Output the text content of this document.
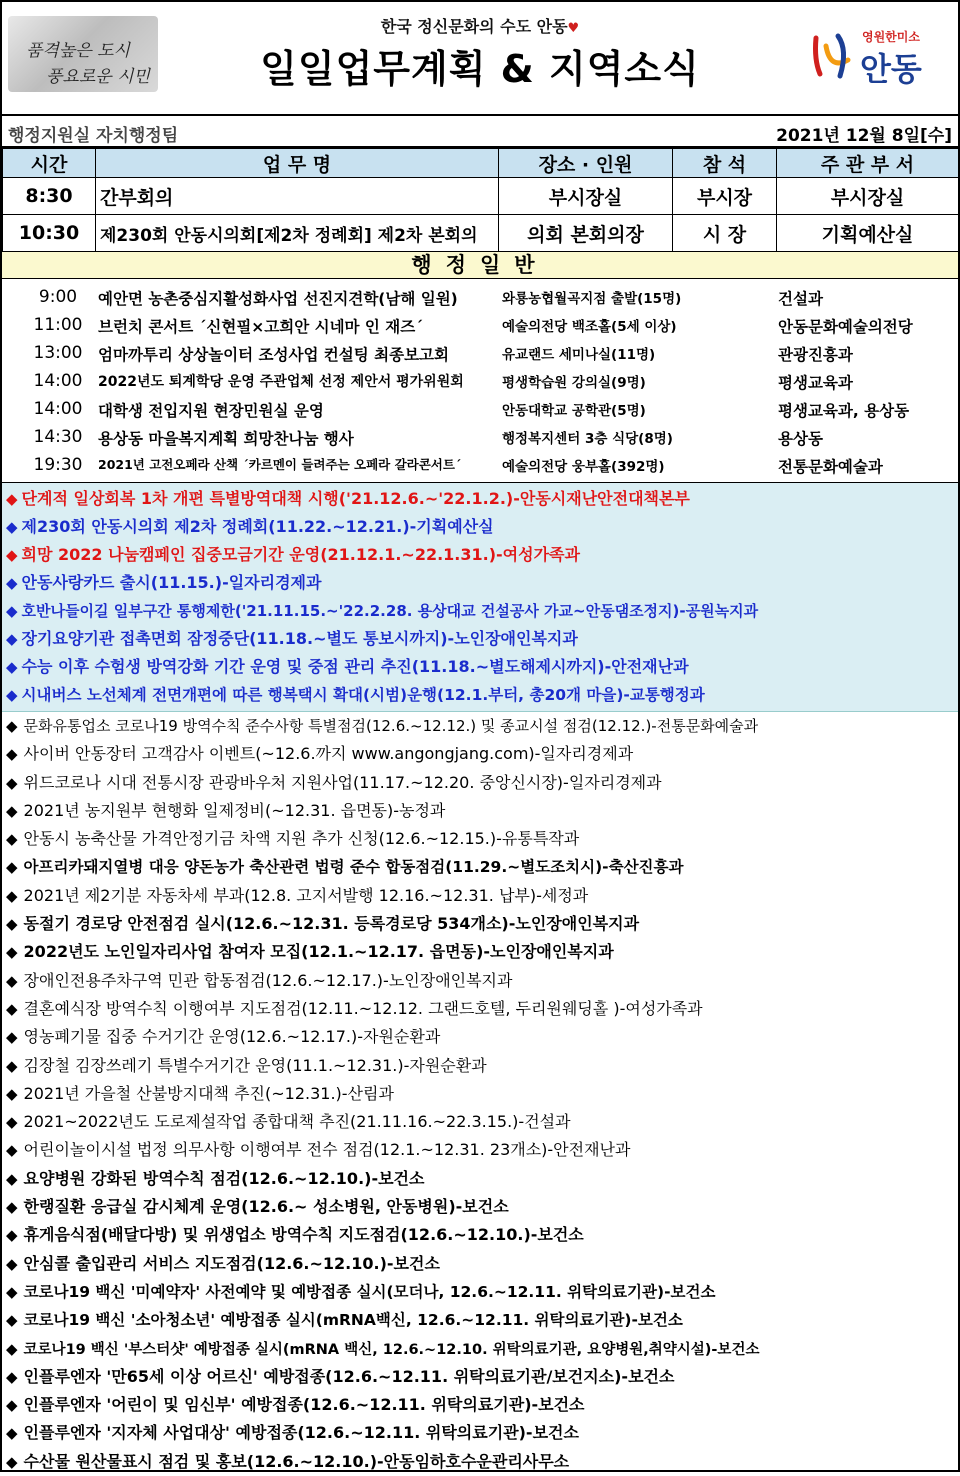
품격높은 도시
풍요로운 시민
한국 정신문화의 수도 안동♥
일일업무계획 & 지역소식
영원한미소
안동
행정지원실 자치행정팀	2021년 12월 8일[수]
시간	업 무 명	장소 · 인원	참 석	주 관 부 서
8:30	간부회의	부시장실	부시장	부시장실
10:30	제230회 안동시의회[제2차 정례회] 제2차 본회의	의회 본회의장	시 장	기획예산실
행정일반
9:00	예안면 농촌중심지활성화사업 선진지견학(남해 일원)	와룡농협월곡지점 출발(15명)	건설과
11:00	브런치 콘서트 ´신현필×고희안 시네마 인 재즈´	예술의전당 백조홀(5세 이상)	안동문화예술의전당
13:00	엄마까투리 상상놀이터 조성사업 컨설팅 최종보고회	유교랜드 세미나실(11명)	관광진흥과
14:00	2022년도 퇴계학당 운영 주관업체 선정 제안서 평가위원회	평생학습원 강의실(9명)	평생교육과
14:00	대학생 전입지원 현장민원실 운영	안동대학교 공학관(5명)	평생교육과, 용상동
14:30	용상동 마을복지계획 희망찬나눔 행사	행정복지센터 3층 식당(8명)	용상동
19:30	2021년 고전오페라 산책 ´카르멘이 들려주는 오페라 갈라콘서트´	예술의전당 웅부홀(392명)	전통문화예술과
◆ 단계적 일상회복 1차 개편 특별방역대책 시행('21.12.6.~'22.1.2.)-안동시재난안전대책본부
◆ 제230회 안동시의회 제2차 정례회(11.22.~12.21.)-기획예산실
◆ 희망 2022 나눔캠페인 집중모금기간 운영(21.12.1.~22.1.31.)-여성가족과
◆ 안동사랑카드 출시(11.15.)-일자리경제과
◆ 호반나들이길 일부구간 통행제한('21.11.15.~'22.2.28. 용상대교 건설공사 가교~안동댐조정지)-공원녹지과
◆ 장기요양기관 접촉면회 잠정중단(11.18.~별도 통보시까지)-노인장애인복지과
◆ 수능 이후 수험생 방역강화 기간 운영 및 중점 관리 추진(11.18.~별도해제시까지)-안전재난과
◆ 시내버스 노선체계 전면개편에 따른 행복택시 확대(시범)운행(12.1.부터, 총20개 마을)-교통행정과
◆ 문화유통업소 코로나19 방역수칙 준수사항 특별점검(12.6.~12.12.) 및 종교시설 점검(12.12.)-전통문화예술과
◆ 사이버 안동장터 고객감사 이벤트(~12.6.까지 www.angongjang.com)-일자리경제과
◆ 위드코로나 시대 전통시장 관광바우처 지원사업(11.17.~12.20. 중앙신시장)-일자리경제과
◆ 2021년 농지원부 현행화 일제정비(~12.31. 읍면동)-농정과
◆ 안동시 농축산물 가격안정기금 차액 지원 추가 신청(12.6.~12.15.)-유통특작과
◆ 아프리카돼지열병 대응 양돈농가 축산관련 법령 준수 합동점검(11.29.~별도조치시)-축산진흥과
◆ 2021년 제2기분 자동차세 부과(12.8. 고지서발행 12.16.~12.31. 납부)-세정과
◆ 동절기 경로당 안전점검 실시(12.6.~12.31. 등록경로당 534개소)-노인장애인복지과
◆ 2022년도 노인일자리사업 참여자 모집(12.1.~12.17. 읍면동)-노인장애인복지과
◆ 장애인전용주차구역 민관 합동점검(12.6.~12.17.)-노인장애인복지과
◆ 결혼예식장 방역수칙 이행여부 지도점검(12.11.~12.12. 그랜드호텔, 두리원웨딩홀 )-여성가족과
◆ 영농폐기물 집중 수거기간 운영(12.6.~12.17.)-자원순환과
◆ 김장철 김장쓰레기 특별수거기간 운영(11.1.~12.31.)-자원순환과
◆ 2021년 가을철 산불방지대책 추진(~12.31.)-산림과
◆ 2021~2022년도 도로제설작업 종합대책 추진(21.11.16.~22.3.15.)-건설과
◆ 어린이놀이시설 법정 의무사항 이행여부 전수 점검(12.1.~12.31. 23개소)-안전재난과
◆ 요양병원 강화된 방역수칙 점검(12.6.~12.10.)-보건소
◆ 한랭질환 응급실 감시체계 운영(12.6.~ 성소병원, 안동병원)-보건소
◆ 휴게음식점(배달다방) 및 위생업소 방역수칙 지도점검(12.6.~12.10.)-보건소
◆ 안심콜 출입관리 서비스 지도점검(12.6.~12.10.)-보건소
◆ 코로나19 백신 '미예약자' 사전예약 및 예방접종 실시(모더나, 12.6.~12.11. 위탁의료기관)-보건소
◆ 코로나19 백신 '소아청소년' 예방접종 실시(mRNA백신, 12.6.~12.11. 위탁의료기관)-보건소
◆ 코로나19 백신 '부스터샷' 예방접종 실시(mRNA 백신, 12.6.~12.10. 위탁의료기관, 요양병원,취약시설)-보건소
◆ 인플루엔자 '만65세 이상 어르신' 예방접종(12.6.~12.11. 위탁의료기관/보건지소)-보건소
◆ 인플루엔자 '어린이 및 임신부' 예방접종(12.6.~12.11. 위탁의료기관)-보건소
◆ 인플루엔자 '지자체 사업대상' 예방접종(12.6.~12.11. 위탁의료기관)-보건소
◆ 수산물 원산물표시 점검 및 홍보(12.6.~12.10.)-안동임하호수운관리사무소
